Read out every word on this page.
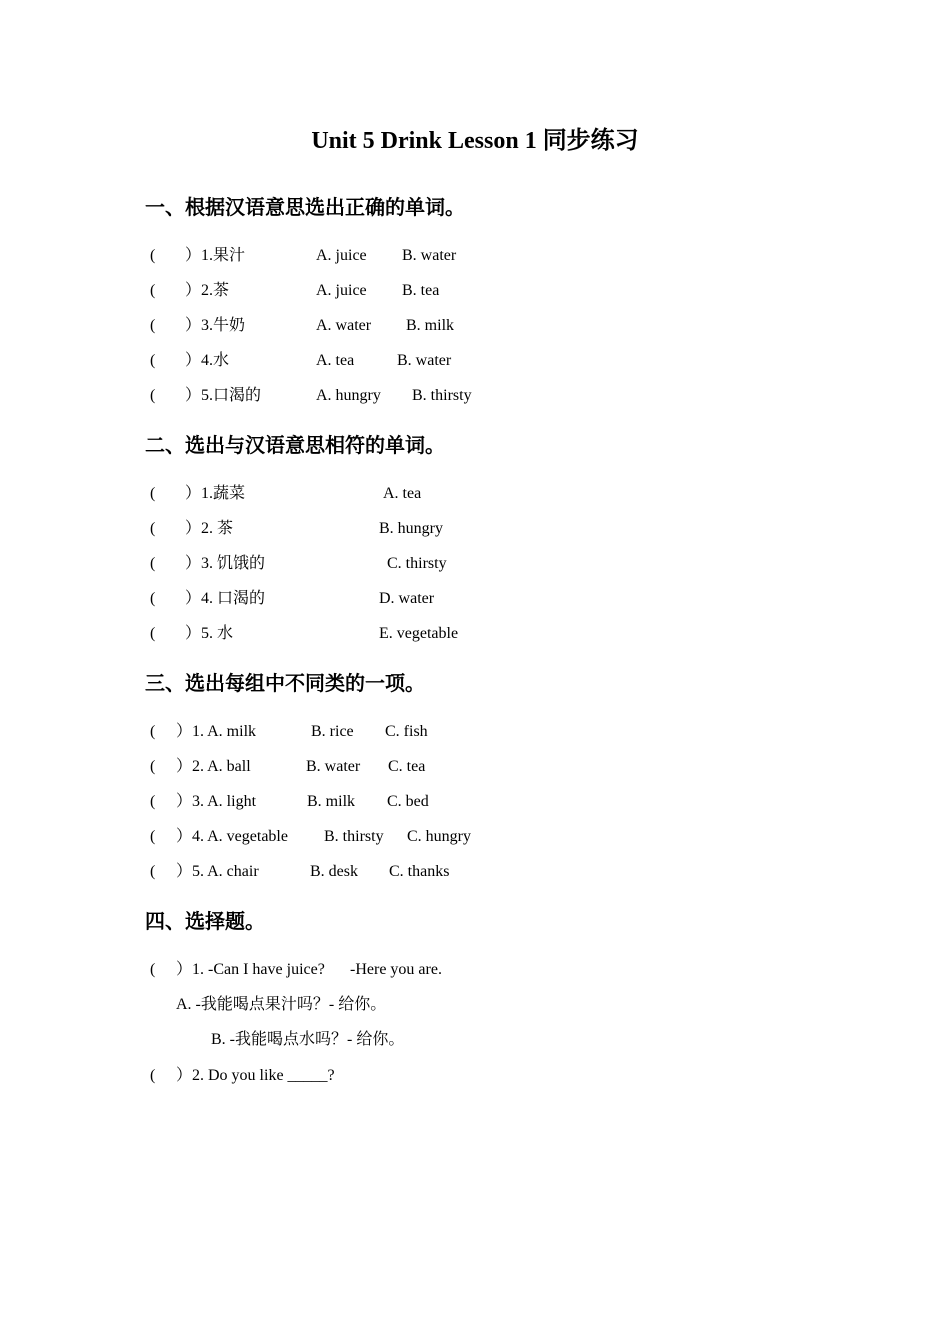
Unit 5 Drink Lesson 1 同步练习
一、根据汉语意思选出正确的单词。
( ）1.果汁	A. juice B. water
( ）2.茶	A. juice B. tea
( ）3.牛奶	A. water B. milk
( ）4.水	A. tea	B. water
( ）5.口渴的	A. hungry B. thirsty
二、选出与汉语意思相符的单词。
( ）1.蔬菜	A. tea
( ）2. 茶	B. hungry
( ）3. 饥饿的	C. thirsty
( ）4. 口渴的	D. water
( ）5. 水	E. vegetable
三、选出每组中不同类的一项。
( ）1. A. milk	B. rice C. fish
( ）2. A. ball	B. water C. tea
( ）3. A. light	B. milk C. bed
( ）4. A. vegetable B. thirsty C. hungry
( ）5. A. chair	B. desk C. thanks
四、选择题。
( ）1. -Can I have juice? -Here you are.
A. -我能喝点果汁吗？- 给你。
B. -我能喝点水吗？- 给你。
( ）2. Do you like _____?
